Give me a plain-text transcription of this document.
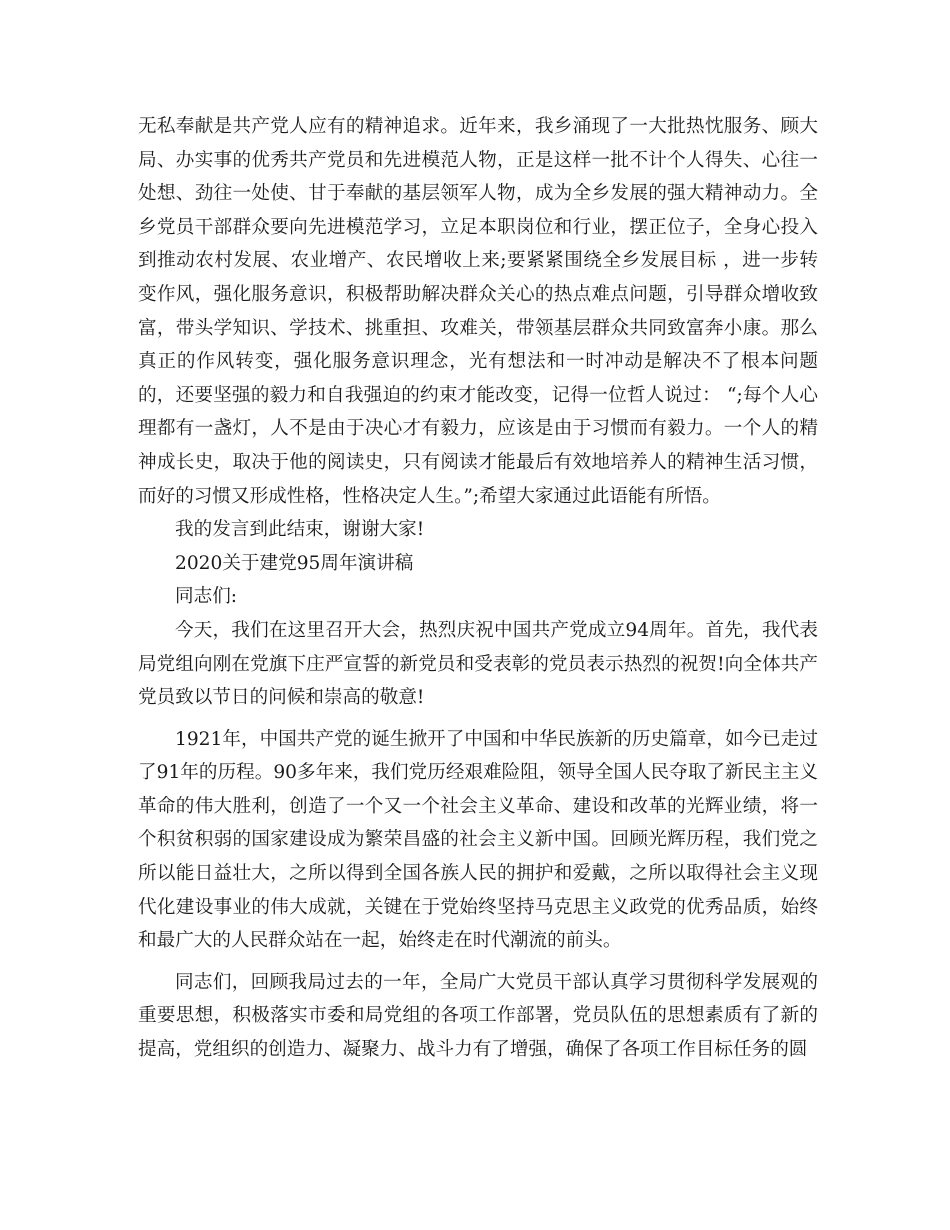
无私奉献是共产党人应有的精神追求。近年来，我乡涌现了一大批热忱服务、顾大局、办实事的优秀共产党员和先进模范人物，正是这样一批不计个人得失、心往一处想、劲往一处使、甘于奉献的基层领军人物，成为全乡发展的强大精神动力。全乡党员干部群众要向先进模范学习，立足本职岗位和行业，摆正位子，全身心投入到推动农村发展、农业增产、农民增收上来;要紧紧围绕全乡发展目标 ，进一步转变作风，强化服务意识，积极帮助解决群众关心的热点难点问题，引导群众增收致富，带头学知识、学技术、挑重担、攻难关，带领基层群众共同致富奔小康。那么真正的作风转变，强化服务意识理念，光有想法和一时冲动是解决不了根本问题的，还要坚强的毅力和自我强迫的约束才能改变，记得一位哲人说过： “;每个人心理都有一盏灯，人不是由于决心才有毅力，应该是由于习惯而有毅力。一个人的精神成长史，取决于他的阅读史，只有阅读才能最后有效地培养人的精神生活习惯，而好的习惯又形成性格，性格决定人生。”;希望大家通过此语能有所悟。

我的发言到此结束，谢谢大家!

2020关于建党95周年演讲稿

同志们:

今天，我们在这里召开大会，热烈庆祝中国共产党成立94周年。首先，我代表局党组向刚在党旗下庄严宣誓的新党员和受表彰的党员表示热烈的祝贺!向全体共产党员致以节日的问候和崇高的敬意!

1921年，中国共产党的诞生掀开了中国和中华民族新的历史篇章，如今已走过了91年的历程。90多年来，我们党历经艰难险阻，领导全国人民夺取了新民主主义革命的伟大胜利，创造了一个又一个社会主义革命、建设和改革的光辉业绩，将一个积贫积弱的国家建设成为繁荣昌盛的社会主义新中国。回顾光辉历程，我们党之所以能日益壮大，之所以得到全国各族人民的拥护和爱戴，之所以取得社会主义现代化建设事业的伟大成就，关键在于党始终坚持马克思主义政党的优秀品质，始终和最广大的人民群众站在一起，始终走在时代潮流的前头。

同志们，回顾我局过去的一年，全局广大党员干部认真学习贯彻科学发展观的重要思想，积极落实市委和局党组的各项工作部署，党员队伍的思想素质有了新的提高，党组织的创造力、凝聚力、战斗力有了增强，确保了各项工作目标任务的圆
